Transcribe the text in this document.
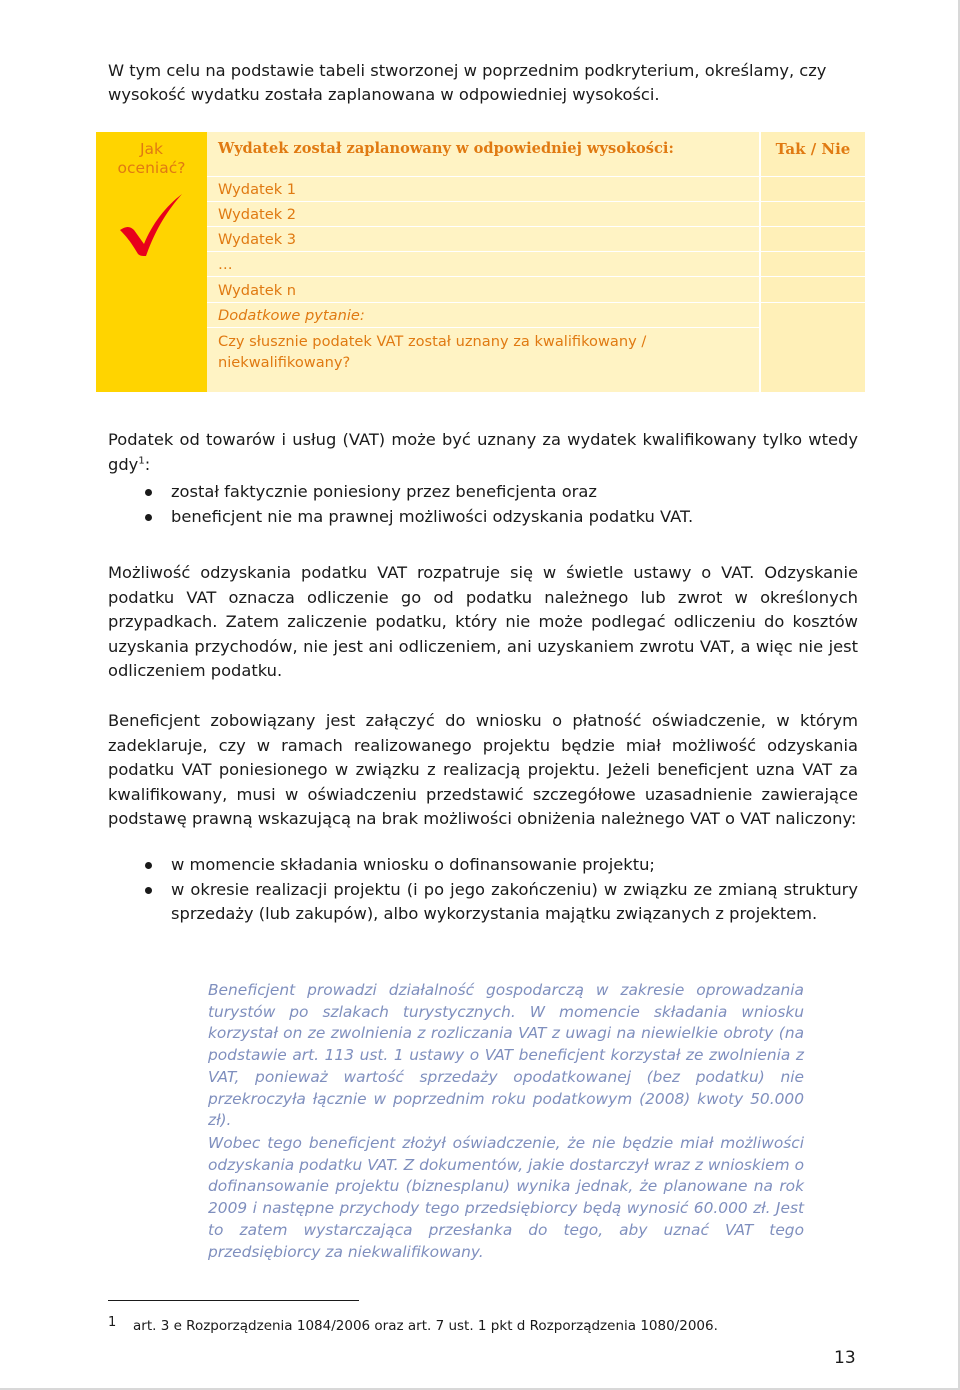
W tym celu na podstawie tabeli stworzonej w poprzednim podkryterium, określamy, czy wysokość wydatku została zaplanowana w odpowiedniej wysokości.

Jak
oceniać?
Wydatek został zaplanowany w odpowiedniej wysokości:
Wydatek 1
Wydatek 2
Wydatek 3
…
Wydatek n
Dodatkowe pytanie:
Czy słusznie podatek VAT został uznany za kwalifikowany / niekwalifikowany?
Tak / Nie

Podatek od towarów i usług (VAT) może być uznany za wydatek kwalifikowany tylko wtedy gdy$^1$:

został faktycznie poniesiony przez beneficjenta oraz
beneficjent nie ma prawnej możliwości odzyskania podatku VAT.

Możliwość odzyskania podatku VAT rozpatruje się w świetle ustawy o VAT. Odzyskanie podatku VAT oznacza odliczenie go od podatku należnego lub zwrot w określonych przypadkach. Zatem zaliczenie podatku, który nie może podlegać odliczeniu do kosztów uzyskania przychodów, nie jest ani odliczeniem, ani uzyskaniem zwrotu VAT, a więc nie jest odliczeniem podatku.

Beneficjent zobowiązany jest załączyć do wniosku o płatność oświadczenie, w którym zadeklaruje, czy w ramach realizowanego projektu będzie miał możliwość odzyskania podatku VAT poniesionego w związku z realizacją projektu. Jeżeli beneficjent uzna VAT za kwalifikowany, musi w oświadczeniu przedstawić szczegółowe uzasadnienie zawierające podstawę prawną wskazującą na brak możliwości obniżenia należnego VAT o VAT naliczony:

w momencie składania wniosku o dofinansowanie projektu;
w okresie realizacji projektu (i po jego zakończeniu) w związku ze zmianą struktury sprzedaży (lub zakupów), albo wykorzystania majątku związanych z projektem.

Beneficjent prowadzi działalność gospodarczą w zakresie oprowadzania turystów po szlakach turystycznych. W momencie składania wniosku korzystał on ze zwolnienia z rozliczania VAT z uwagi na niewielkie obroty (na podstawie art. 113 ust. 1 ustawy o VAT beneficjent korzystał ze zwolnienia z VAT, ponieważ wartość sprzedaży opodatkowanej (bez podatku) nie przekroczyła łącznie w poprzednim roku podatkowym (2008) kwoty 50.000 zł).

Wobec tego beneficjent złożył oświadczenie, że nie będzie miał możliwości odzyskania podatku VAT. Z dokumentów, jakie dostarczył wraz z wnioskiem o dofinansowanie projektu (biznesplanu) wynika jednak, że planowane na rok 2009 i następne przychody tego przedsiębiorcy będą wynosić 60.000 zł. Jest to zatem wystarczająca przesłanka do tego, aby uznać VAT tego przedsiębiorcy za niekwalifikowany.

1 art. 3 e Rozporządzenia 1084/2006 oraz art. 7 ust. 1 pkt d Rozporządzenia 1080/2006.
13
